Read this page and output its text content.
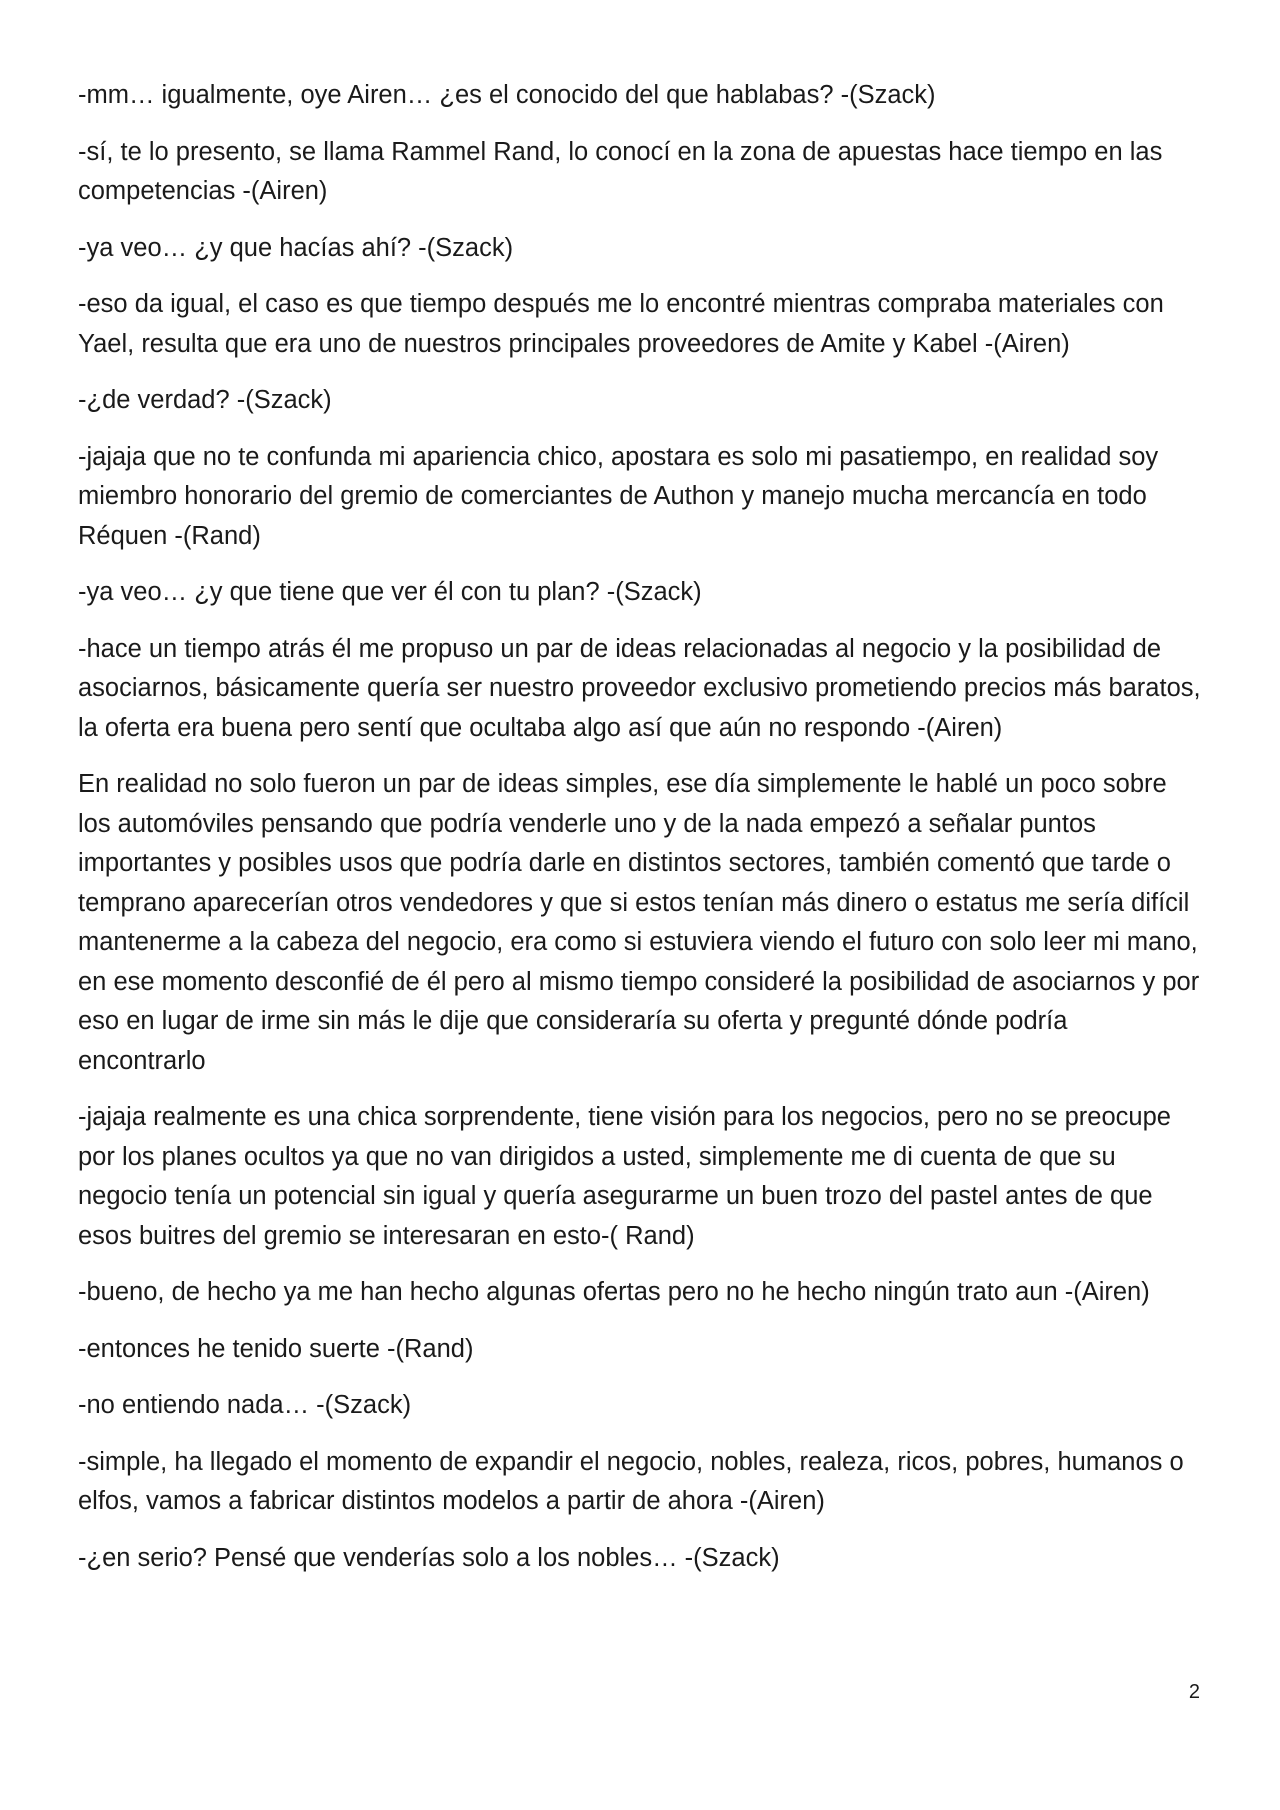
-mm… igualmente, oye Airen… ¿es el conocido del que hablabas? -(Szack)

-sí, te lo presento, se llama Rammel Rand, lo conocí en la zona de apuestas hace tiempo en las competencias -(Airen)

-ya veo… ¿y que hacías ahí? -(Szack)

-eso da igual, el caso es que tiempo después me lo encontré mientras compraba materiales con Yael, resulta que era uno de nuestros principales proveedores de Amite y Kabel -(Airen)

-¿de verdad? -(Szack)

-jajaja que no te confunda mi apariencia chico, apostara es solo mi pasatiempo, en realidad soy miembro honorario del gremio de comerciantes de Authon y manejo mucha mercancía en todo Réquen -(Rand)

-ya veo… ¿y que tiene que ver él con tu plan? -(Szack)

-hace un tiempo atrás él me propuso un par de ideas relacionadas al negocio y la posibilidad de asociarnos, básicamente quería ser nuestro proveedor exclusivo prometiendo precios más baratos, la oferta era buena pero sentí que ocultaba algo así que aún no respondo -(Airen)

En realidad no solo fueron un par de ideas simples, ese día simplemente le hablé un poco sobre los automóviles pensando que podría venderle uno y de la nada empezó a señalar puntos importantes y posibles usos que podría darle en distintos sectores, también comentó que tarde o temprano aparecerían otros vendedores y que si estos tenían más dinero o estatus me sería difícil mantenerme a la cabeza del negocio, era como si estuviera viendo el futuro con solo leer mi mano, en ese momento desconfié de él pero al mismo tiempo consideré la posibilidad de asociarnos y por eso en lugar de irme sin más le dije que consideraría su oferta y pregunté dónde podría encontrarlo

-jajaja realmente es una chica sorprendente, tiene visión para los negocios, pero no se preocupe por los planes ocultos ya que no van dirigidos a usted, simplemente me di cuenta de que su negocio tenía un potencial sin igual y quería asegurarme un buen trozo del pastel antes de que esos buitres del gremio se interesaran en esto-( Rand)

-bueno, de hecho ya me han hecho algunas ofertas pero no he hecho ningún trato aun -(Airen)

-entonces he tenido suerte -(Rand)

-no entiendo nada… -(Szack)

-simple, ha llegado el momento de expandir el negocio, nobles, realeza, ricos, pobres, humanos o elfos, vamos a fabricar distintos modelos a partir de ahora -(Airen)

-¿en serio? Pensé que venderías solo a los nobles… -(Szack)

2
